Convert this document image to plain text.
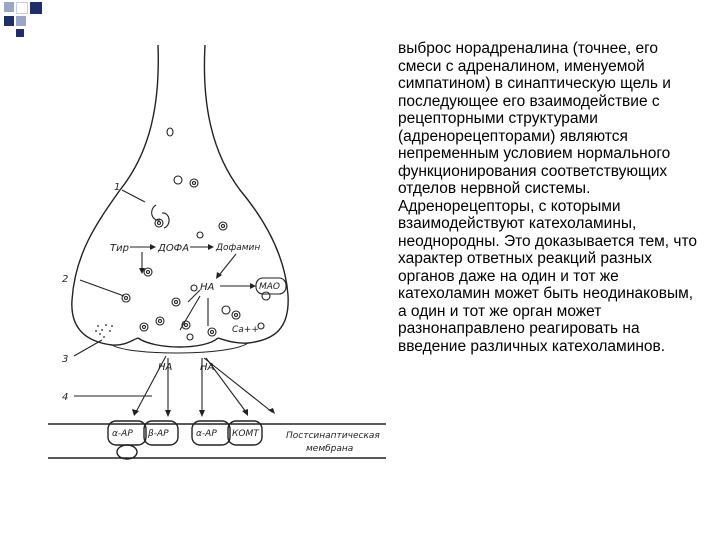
1
2
3
4
Тир	ДОФА	Дофамин
НА	МАО
Ca++
НА	НА
α-АР β-АР	α-АР КОМТ	Постсинаптическая
мембрана

выброс норадреналина (точнее, его смеси с адреналином, именуемой симпатином) в синаптическую щель и последующее его взаимодействие с рецепторными структурами (адренорецепторами) являются непременным условием нормального функционирования соответствующих отделов нервной системы. Адренорецепторы, с которыми взаимодействуют катехоламины, неоднородны. Это доказывается тем, что характер ответных реакций разных органов даже на один и тот же катехоламин может быть неодинаковым, а один и тот же орган может разнонаправлено реагировать на введение различных катехоламинов.
